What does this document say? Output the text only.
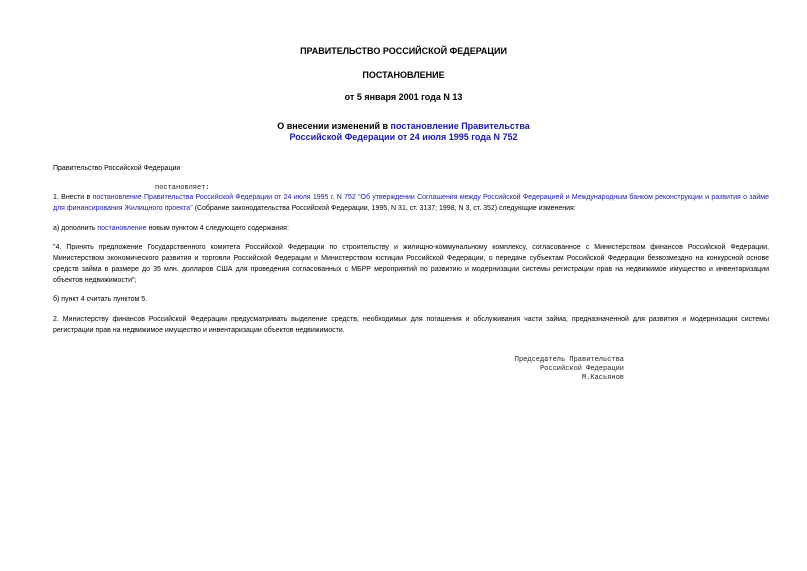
ПРАВИТЕЛЬСТВО РОССИЙСКОЙ ФЕДЕРАЦИИ
ПОСТАНОВЛЕНИЕ
от 5 января 2001 года N 13
О внесении изменений в постановление Правительства
Российской Федерации от 24 июля 1995 года N 752
Правительство Российской Федерации
постановляет:
1. Внести в постановление Правительства Российской Федерации от 24 июля 1995 г. N 752 "Об утверждении Соглашения между Российской Федерацией и Международным банком реконструкции и развития о займе для финансирования Жилищного проекта" (Собрание законодательства Российской Федерации, 1995, N 31, ст. 3137; 1998, N 3, ст. 352) следующие изменения:
а) дополнить постановление новым пунктом 4 следующего содержания:
"4. Принять предложение Государственного комитета Российской Федерации по строительству и жилищно-коммунальному комплексу, согласованное с Министерством финансов Российской Федерации, Министерством экономического развития и торговли Российской Федерации и Министерством юстиции Российской Федерации, о передаче субъектам Российской Федерации безвозмездно на конкурсной основе средств займа в размере до 35 млн. долларов США для проведения согласованных с МБРР мероприятий по развитию и модернизации системы регистрации прав на недвижимое имущество и инвентаризации объектов недвижимости";
б) пункт 4 считать пунктом 5.
2. Министерству финансов Российской Федерации предусматривать выделение средств, необходимых для погашения и обслуживания части займа, предназначенной для развития и модернизации системы регистрации прав на недвижимое имущество и инвентаризации объектов недвижимости.
Председатель Правительства
Российской Федерации
М.Касьянов
